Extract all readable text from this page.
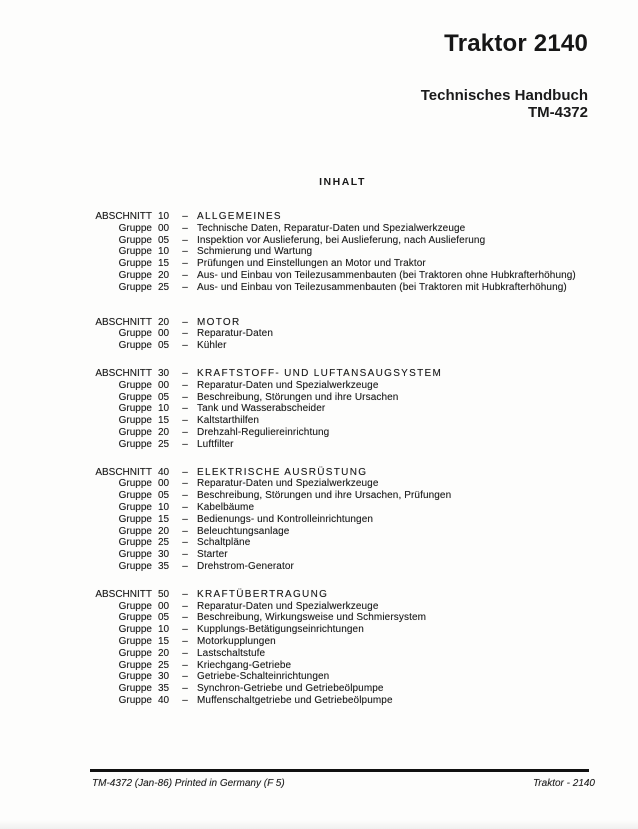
Traktor 2140
Technisches Handbuch
TM-4372
INHALT
ABSCHNITT 10	– ALLGEMEINES
Gruppe 00	– Technische Daten, Reparatur-Daten und Spezialwerkzeuge
Gruppe 05	– Inspektion vor Auslieferung, bei Auslieferung, nach Auslieferung
Gruppe 10	– Schmierung und Wartung
Gruppe 15	– Prüfungen und Einstellungen an Motor und Traktor
Gruppe 20	– Aus- und Einbau von Teilezusammenbauten (bei Traktoren ohne Hubkrafterhöhung)
Gruppe 25	– Aus- und Einbau von Teilezusammenbauten (bei Traktoren mit Hubkrafterhöhung)
ABSCHNITT 20	– MOTOR
Gruppe 00	– Reparatur-Daten
Gruppe 05	– Kühler
ABSCHNITT 30	– KRAFTSTOFF- UND LUFTANSAUGSYSTEM
Gruppe 00	– Reparatur-Daten und Spezialwerkzeuge
Gruppe 05	– Beschreibung, Störungen und ihre Ursachen
Gruppe 10	– Tank und Wasserabscheider
Gruppe 15	– Kaltstarthilfen
Gruppe 20	– Drehzahl-Reguliereinrichtung
Gruppe 25	– Luftfilter
ABSCHNITT 40	– ELEKTRISCHE AUSRÜSTUNG
Gruppe 00	– Reparatur-Daten und Spezialwerkzeuge
Gruppe 05	– Beschreibung, Störungen und ihre Ursachen, Prüfungen
Gruppe 10	– Kabelbäume
Gruppe 15	– Bedienungs- und Kontrolleinrichtungen
Gruppe 20	– Beleuchtungsanlage
Gruppe 25	– Schaltpläne
Gruppe 30	– Starter
Gruppe 35	– Drehstrom-Generator
ABSCHNITT 50	– KRAFTÜBERTRAGUNG
Gruppe 00	– Reparatur-Daten und Spezialwerkzeuge
Gruppe 05	– Beschreibung, Wirkungsweise und Schmiersystem
Gruppe 10	– Kupplungs-Betätigungseinrichtungen
Gruppe 15	– Motorkupplungen
Gruppe 20	– Lastschaltstufe
Gruppe 25	– Kriechgang-Getriebe
Gruppe 30	– Getriebe-Schalteinrichtungen
Gruppe 35	– Synchron-Getriebe und Getriebeölpumpe
Gruppe 40	– Muffenschaltgetriebe und Getriebeölpumpe
TM-4372 (Jan-86) Printed in Germany (F 5)	Traktor - 2140
